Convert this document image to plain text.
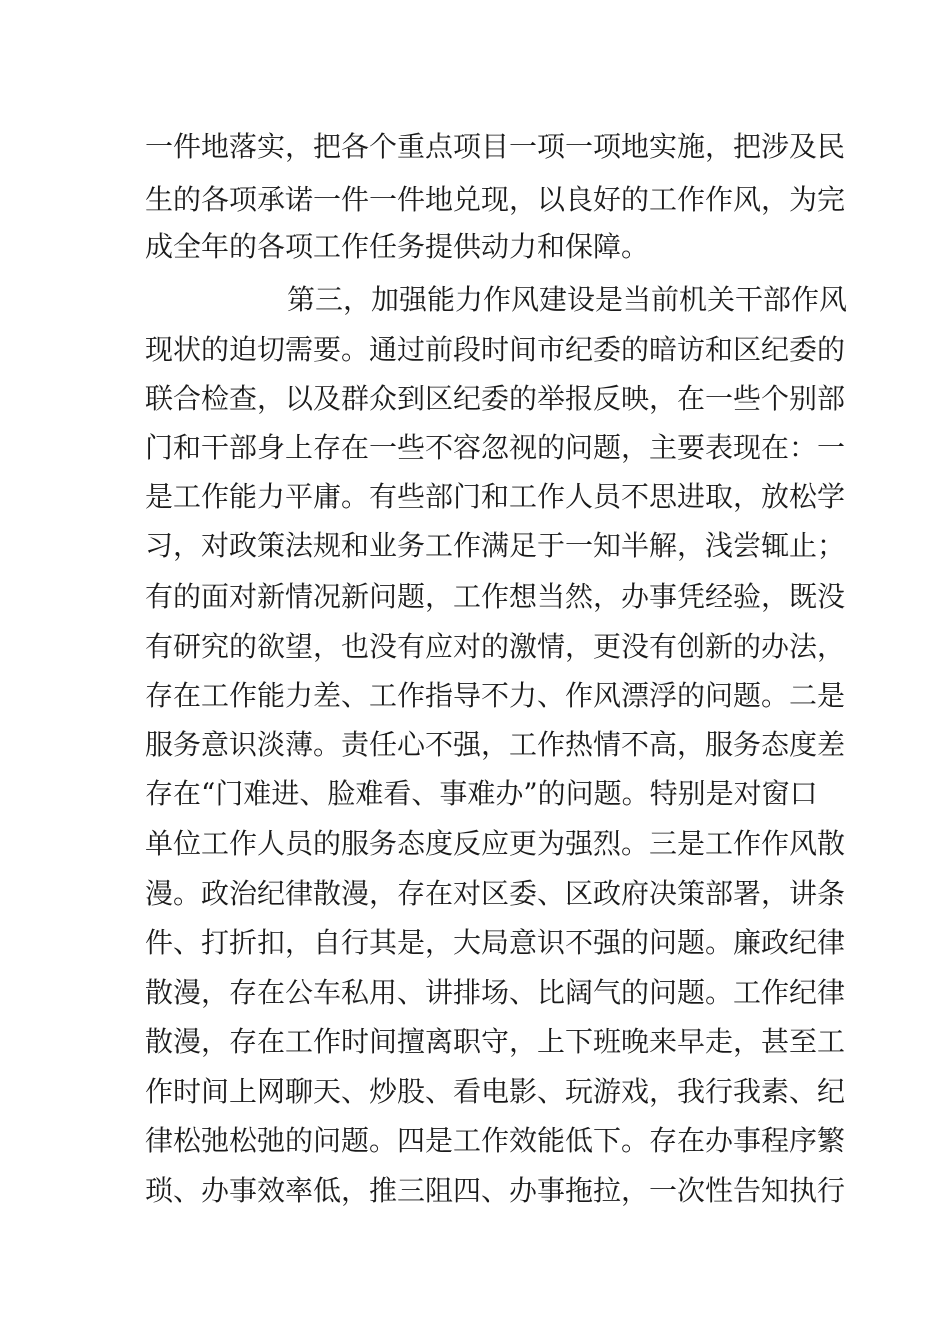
一件地落实，把各个重点项目一项一项地实施，把涉及民
生的各项承诺一件一件地兑现，以良好的工作作风，为完
成全年的各项工作任务提供动力和保障。
第三，加强能力作风建设是当前机关干部作风
现状的迫切需要。通过前段时间市纪委的暗访和区纪委的
联合检查，以及群众到区纪委的举报反映，在一些个别部
门和干部身上存在一些不容忽视的问题，主要表现在：一
是工作能力平庸。有些部门和工作人员不思进取，放松学
习，对政策法规和业务工作满足于一知半解，浅尝辄止；
有的面对新情况新问题，工作想当然，办事凭经验，既没
有研究的欲望，也没有应对的激情，更没有创新的办法，
存在工作能力差、工作指导不力、作风漂浮的问题。二是
服务意识淡薄。责任心不强，工作热情不高，服务态度差
存在“门难进、脸难看、事难办”的问题。特别是对窗口
单位工作人员的服务态度反应更为强烈。三是工作作风散
漫。政治纪律散漫，存在对区委、区政府决策部署，讲条
件、打折扣，自行其是，大局意识不强的问题。廉政纪律
散漫，存在公车私用、讲排场、比阔气的问题。工作纪律
散漫，存在工作时间擅离职守，上下班晚来早走，甚至工
作时间上网聊天、炒股、看电影、玩游戏，我行我素、纪
律松弛松弛的问题。四是工作效能低下。存在办事程序繁
琐、办事效率低，推三阻四、办事拖拉，一次性告知执行
